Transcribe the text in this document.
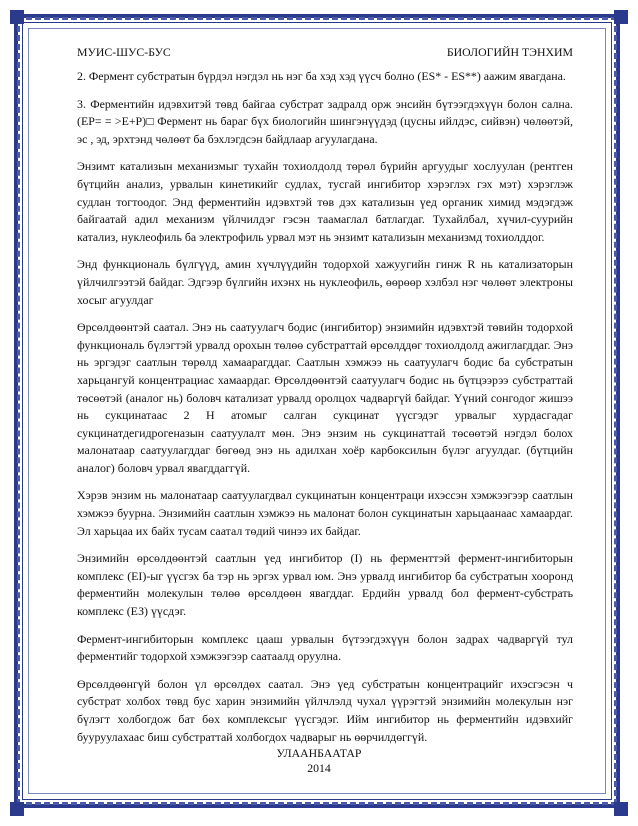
МУИС-ШУС-БУС	БИОЛОГИЙН ТЭНХИМ

2. Фермент субстратын бүрдэл нэгдэл нь нэг ба хэд хэд үүсч болно (ES* - ES**) аажим явагдана.

3. Ферментийн идэвхитэй төвд байгаа субстрат задралд орж энсийн бүтээгдэхүүн болон сална. (EP= = >E+P)□ Фермент нь бараг бүх биологийн шингэнүүдэд (цусны ийлдэс, сийвэн) чөлөөтэй, эс , эд, эрхтэнд чөлөөт ба бэхлэгдсэн байдлаар агуулагдана.

Энзимт катализын механизмыг тухайн тохиолдолд төрөл бүрийн аргуудыг хослуулан (рентген бүтцийн анализ, урвалын кинетикийг судлах, тусгай ингибитор хэрэглэх гэх мэт) хэрэглэж судлан тогтоодог. Энд ферментийн идэвхтэй төв дэх катализын үед органик химид мэдэгдэж байгаатай адил механизм үйлчилдэг гэсэн таамаглал батлагдаг. Тухайлбал, хүчил-суурийн катализ, нуклеофиль ба электрофиль урвал мэт нь энзимт катализын механизмд тохиолддог.

Энд функциональ бүлгүүд, амин хүчлүүдийн тодорхой хажуугийн гинж R нь катализаторын үйлчилгээтэй байдаг. Эдгээр бүлгийн ихэнх нь нуклеофиль, өөрөөр хэлбэл нэг чөлөөт электроны хосыг агуулдаг

Өрсөлдөөнтэй саатал. Энэ нь саатуулагч бодис (ингибитор) энзимийн идэвхтэй төвийн тодорхой функциональ бүлэгтэй урвалд орохын төлөө субстраттай өрсөлддөг тохиолдолд ажиглагддаг. Энэ нь эргэдэг саатлын төрөлд хамаарагддаг. Саатлын хэмжээ нь саатуулагч бодис ба субстратын харьцангуй концентрациас хамаардаг. Өрсөлдөөнтэй саатуулагч бодис нь бүтцээрээ субстраттай төсөөтэй (аналог нь) боловч катализат урвалд оролцох чадваргүй байдаг. Үүний сонгодог жишээ нь сукцинатаас 2 Н атомыг салган сукцинат үүсгэдэг урвалыг хурдасгадаг сукцинатдегидрогеназын саатуулалт мөн. Энэ энзим нь сукцинаттай төсөөтэй нэгдэл болох малонатаар саатуулагддаг бөгөөд энэ нь адилхан хоёр карбоксилын бүлэг агуулдаг. (бүтцийн аналог) боловч урвал явагддаггүй.

Хэрэв энзим нь малонатаар саатуулагдвал сукцинатын концентраци ихэссэн хэмжээгээр саатлын хэмжээ буурна. Энзимийн саатлын хэмжээ нь малонат болон сукцинатын харьцаанаас хамаардаг. Эл харьцаа их байх тусам саатал төдий чинээ их байдаг.

Энзимийн өрсөлдөөнтэй саатлын үед ингибитор (I) нь ферменттэй фермент-ингибиторын комплекс (EI)-ыг үүсгэх ба тэр нь эргэх урвал юм. Энэ урвалд ингибитор ба субстратын хооронд ферментийн молекулын төлөө өрсөлдөөн явагддаг. Ердийн урвалд бол фермент-субстрать комплекс (ЕЗ) үүсдэг.

Фермент-ингибиторын комплекс цааш урвалын бүтээгдэхүүн болон задрах чадваргүй тул ферментийг тодорхой хэмжээгээр саатаалд оруулна.

Өрсөлдөөнгүй болон үл өрсөлдөх саатал. Энэ үед субстратын концентрацийг ихэсгэсэн ч субстрат холбох төвд бус харин энзимийн үйлчлэлд чухал үүрэгтэй энзимийн молекулын нэг бүлэгт холбогдож бат бөх комплексыг үүсгэдэг. Ийм ингибитор нь ферментийн идэвхийг бууруулахаас биш субстраттай холбогдох чадварыг нь өөрчилдөггүй.

УЛААНБААТАР
2014
